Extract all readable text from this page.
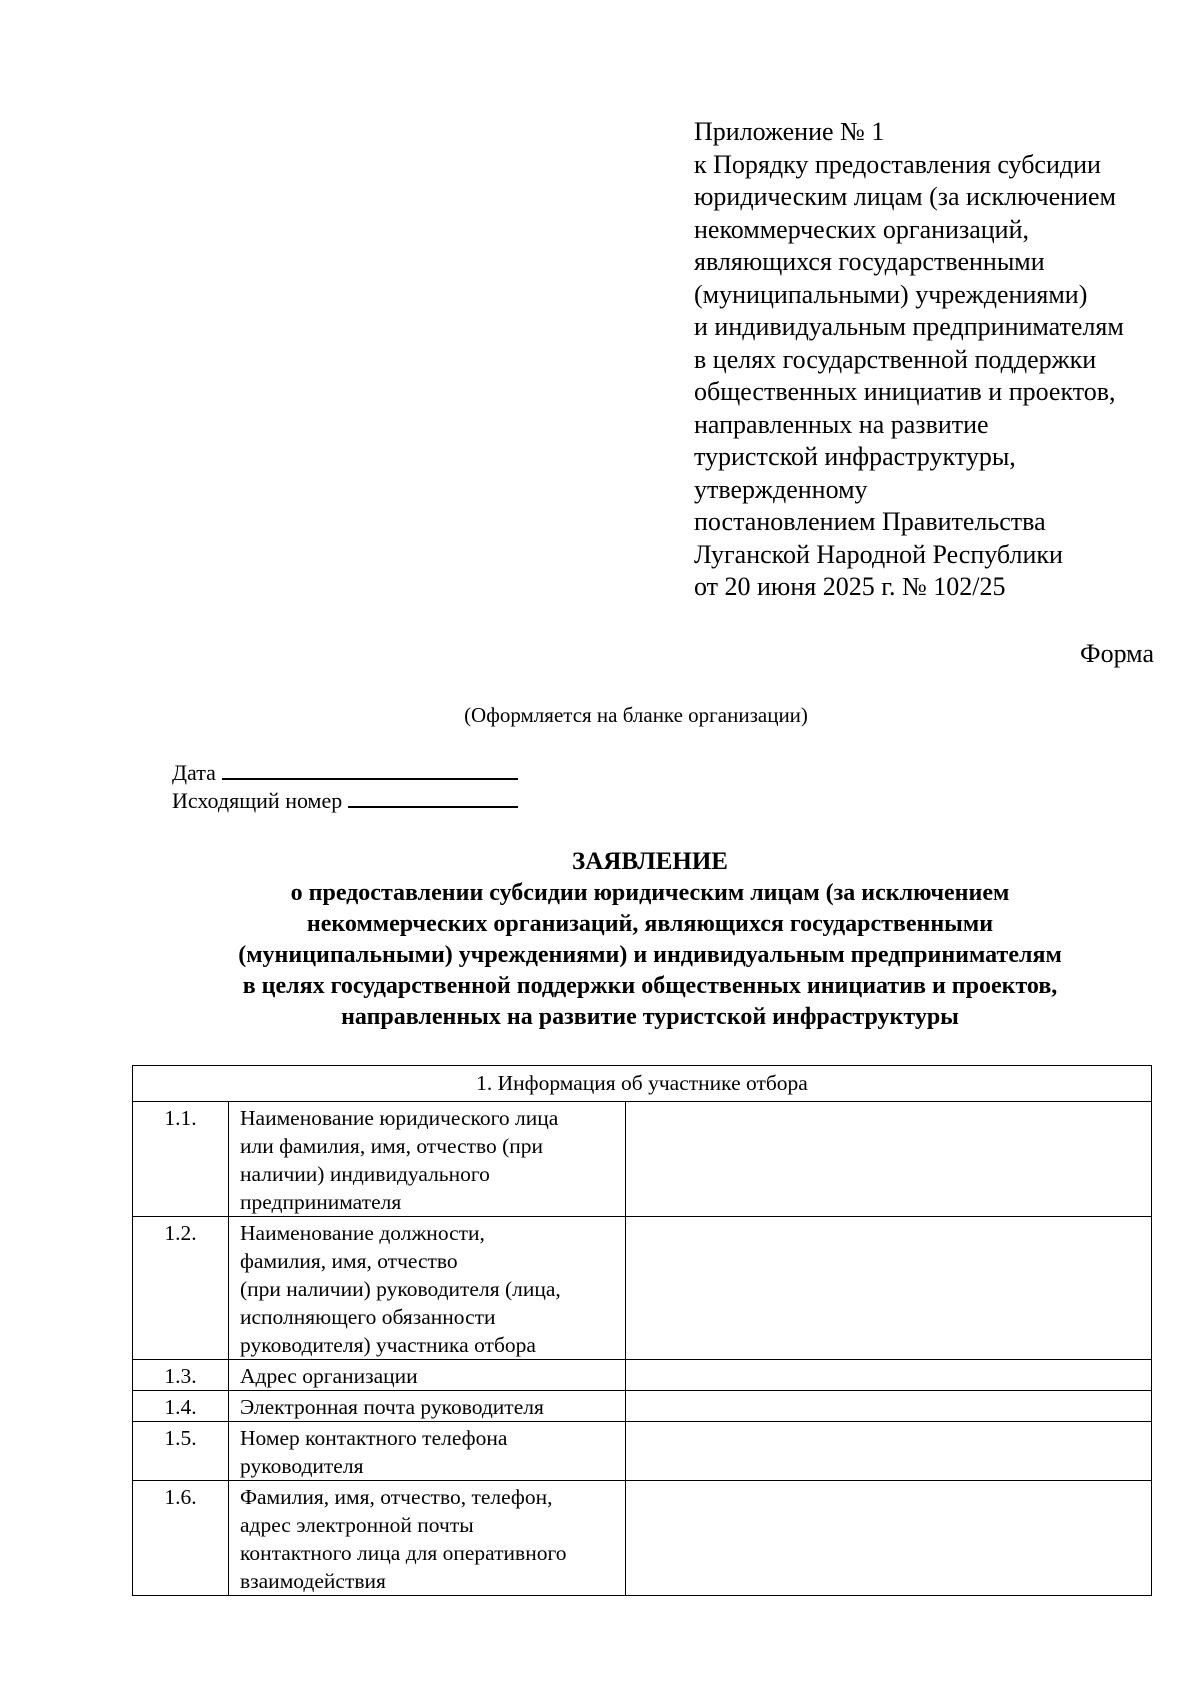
Приложение № 1
к Порядку предоставления субсидии
юридическим лицам (за исключением
некоммерческих организаций,
являющихся государственными
(муниципальными) учреждениями)
и индивидуальным предпринимателям
в целях государственной поддержки
общественных инициатив и проектов,
направленных на развитие
туристской инфраструктуры,
утвержденному
постановлением Правительства
Луганской Народной Республики
от 20 июня 2025 г. № 102/25
Форма
(Оформляется на бланке организации)
Дата
Исходящий номер
ЗАЯВЛЕНИЕ
о предоставлении субсидии юридическим лицам (за исключением
некоммерческих организаций, являющихся государственными
(муниципальными) учреждениями) и индивидуальным предпринимателям
в целях государственной поддержки общественных инициатив и проектов,
направленных на развитие туристской инфраструктуры
1. Информация об участнике отбора		
1.1.	Наименование юридического лица
или фамилия, имя, отчество (при
наличии) индивидуального
предпринимателя	

1.2.	Наименование должности,
фамилия, имя, отчество
(при наличии) руководителя (лица,
исполняющего обязанности
руководителя) участника отбора	

1.3.	Адрес организации	

1.4.	Электронная почта руководителя	

1.5.	Номер контактного телефона
руководителя	

1.6.	Фамилия, имя, отчество, телефон,
адрес электронной почты
контактного лица для оперативного
взаимодействия	
